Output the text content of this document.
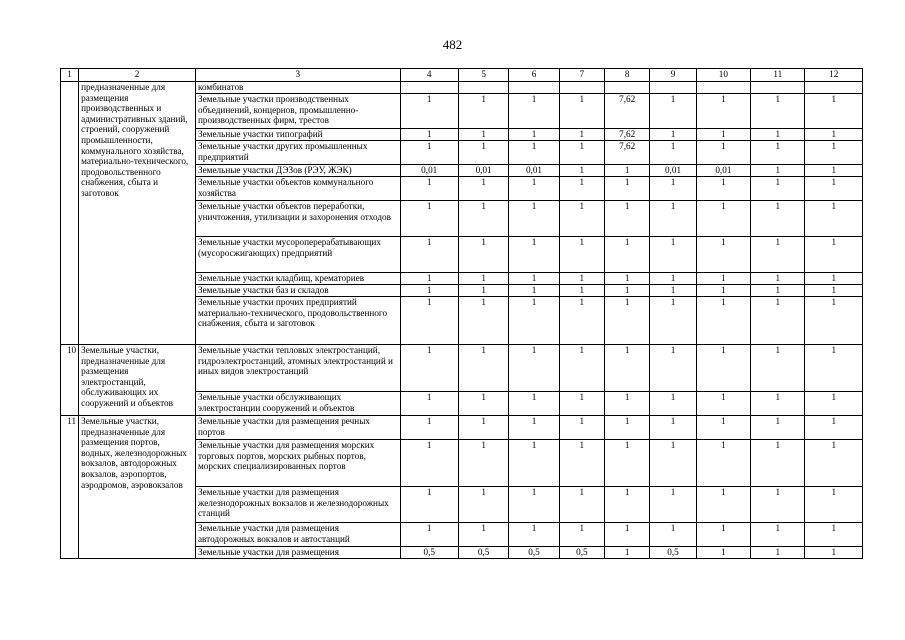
482
1	2	3	4	5	6	7	8	9	10	11	12
	предназначенные для размещения производственных и административных зданий, строений, сооружений промышленности, коммунального хозяйства, материально-технического, продовольственного снабжения, сбыта и заготовок	комбинатов									
		Земельные участки производственных объединений, концернов, промышленно-производственных фирм, трестов	1	1	1	1	7,62	1	1	1	1
		Земельные участки типографий	1	1	1	1	7,62	1	1	1	1
		Земельные участки других промышленных предприятий	1	1	1	1	7,62	1	1	1	1
		Земельные участки ДЭЗов (РЭУ, ЖЭК)	0,01	0,01	0,01	1	1	0,01	0,01	1	1
		Земельные участки объектов коммунального хозяйства	1	1	1	1	1	1	1	1	1
		Земельные участки объектов переработки, уничтожения, утилизации и захоронения отходов	1	1	1	1	1	1	1	1	1
		Земельные участки мусороперерабатывающих (мусоросжигающих) предприятий	1	1	1	1	1	1	1	1	1
		Земельные участки кладбищ, крематориев	1	1	1	1	1	1	1	1	1
		Земельные участки баз и складов	1	1	1	1	1	1	1	1	1
		Земельные участки прочих предприятий материально-технического, продовольственного снабжения, сбыта и заготовок	1	1	1	1	1	1	1	1	1
10	Земельные участки, предназначенные для размещения электростанций, обслуживающих их сооружений и объектов	Земельные участки тепловых электростанций, гидроэлектростанций, атомных электростанций и иных видов электростанций	1	1	1	1	1	1	1	1	1
		Земельные участки обслуживающих электростанции сооружений и объектов	1	1	1	1	1	1	1	1	1
11	Земельные участки, предназначенные для размещения портов, водных, железнодорожных вокзалов, автодорожных вокзалов, аэропортов, аэродромов, аэровокзалов	Земельные участки для размещения речных портов	1	1	1	1	1	1	1	1	1
		Земельные участки для размещения морских торговых портов, морских рыбных портов, морских специализированных портов	1	1	1	1	1	1	1	1	1
		Земельные участки для размещения железнодорожных вокзалов и железнодорожных станций	1	1	1	1	1	1	1	1	1
		Земельные участки для размещения автодорожных вокзалов и автостанций	1	1	1	1	1	1	1	1	1
		Земельные участки для размещения	0,5	0,5	0,5	0,5	1	0,5	1	1	1
